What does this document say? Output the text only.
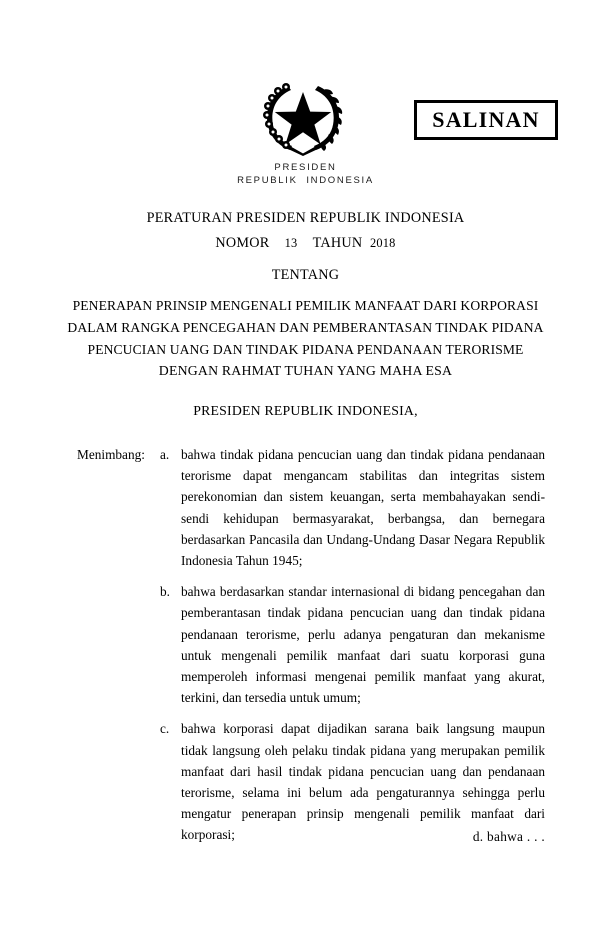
PRESIDEN
REPUBLIK  INDONESIA
SALINAN
PERATURAN PRESIDEN REPUBLIK INDONESIA
NOMOR 13 TAHUN 2018
TENTANG
PENERAPAN PRINSIP MENGENALI PEMILIK MANFAAT DARI KORPORASI
DALAM RANGKA PENCEGAHAN DAN PEMBERANTASAN TINDAK PIDANA
PENCUCIAN UANG DAN TINDAK PIDANA PENDANAAN TERORISME
DENGAN RAHMAT TUHAN YANG MAHA ESA
PRESIDEN REPUBLIK INDONESIA,
Menimbang:	a. bahwa tindak pidana pencucian uang dan tindak pidana pendanaan terorisme dapat mengancam stabilitas dan integritas sistem perekonomian dan sistem keuangan, serta membahayakan sendi-sendi kehidupan bermasyarakat, berbangsa, dan bernegara berdasarkan Pancasila dan Undang-Undang Dasar Negara Republik Indonesia Tahun 1945;
b. bahwa berdasarkan standar internasional di bidang pencegahan dan pemberantasan tindak pidana pencucian uang dan tindak pidana pendanaan terorisme, perlu adanya pengaturan dan mekanisme untuk mengenali pemilik manfaat dari suatu korporasi guna memperoleh informasi mengenai pemilik manfaat yang akurat, terkini, dan tersedia untuk umum;
c. bahwa korporasi dapat dijadikan sarana baik langsung maupun tidak langsung oleh pelaku tindak pidana yang merupakan pemilik manfaat dari hasil tindak pidana pencucian uang dan pendanaan terorisme, selama ini belum ada pengaturannya sehingga perlu mengatur penerapan prinsip mengenali pemilik manfaat dari korporasi;	d. bahwa . . .
